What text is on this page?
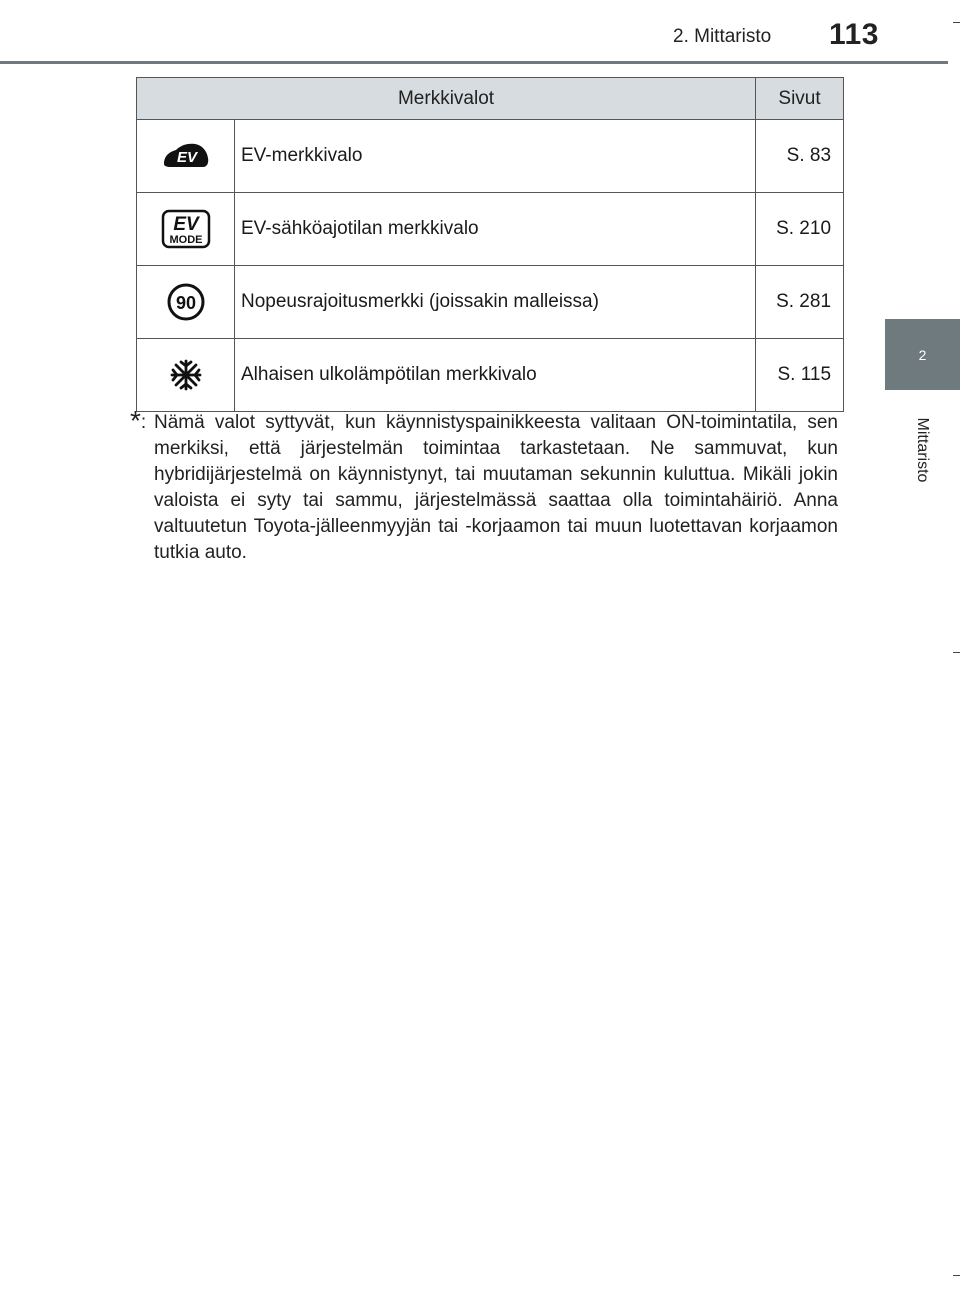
2. Mittaristo 113
2
Mittaristo
Merkkivalot		Sivut

EV	EV-merkkivalo	S. 83

EV
MODE	EV-sähköajotilan merkkivalo	S. 210

90	Nopeusrajoitusmerkki (joissakin malleissa)	S. 281
	Alhaisen ulkolämpötilan merkkivalo	S. 115
*: Nämä valot syttyvät, kun käynnistyspainikkeesta valitaan ON-toimintatila, sen merkiksi, että järjestelmän toimintaa tarkastetaan. Ne sammuvat, kun hybridijärjestelmä on käynnistynyt, tai muutaman sekunnin kuluttua. Mikäli jokin valoista ei syty tai sammu, järjestelmässä saattaa olla toimintahäiriö. Anna valtuutetun Toyota-jälleenmyyjän tai -korjaamon tai muun luotettavan korjaamon tutkia auto.
